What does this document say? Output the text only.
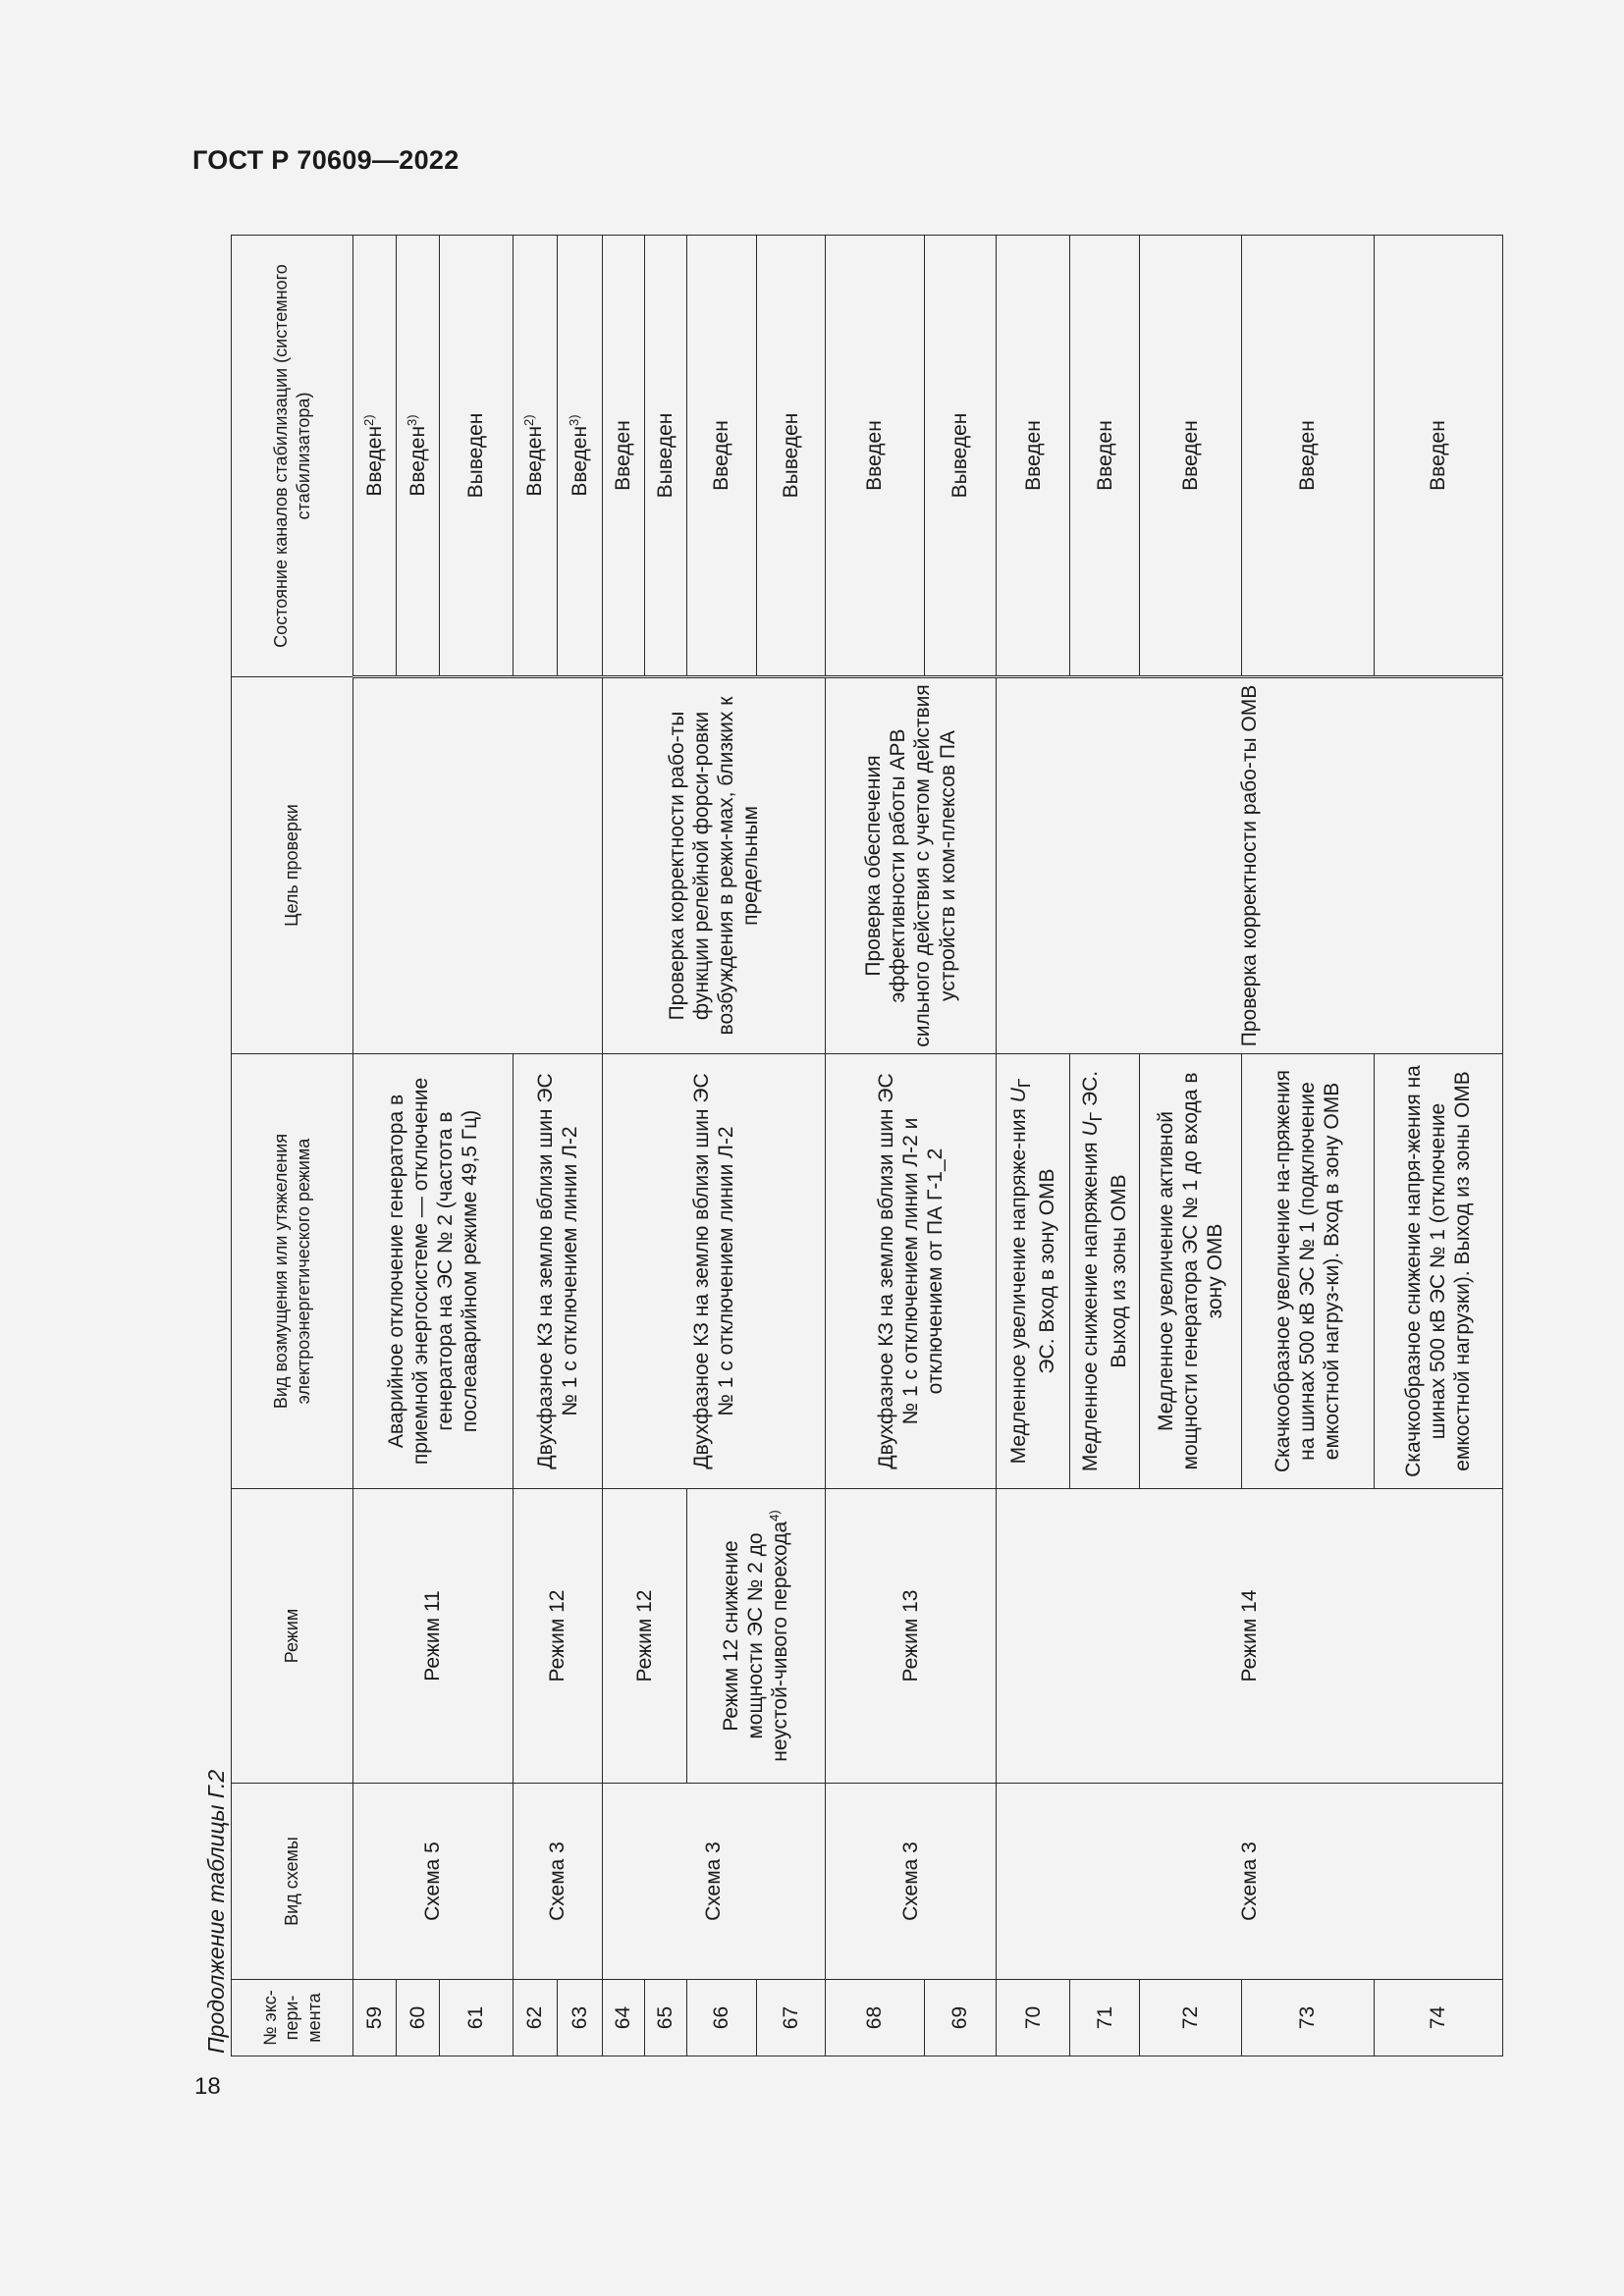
ГОСТ Р 70609—2022
Продолжение таблицы Г.2
18
№ экс-пери-мента	Вид схемы	Режим	Вид возмущения или утяжеления электроэнергетического режима	Цель проверки	Состояние каналов стабилизации (системного стабилизатора)
59	Схема 5	Режим 11	Аварийное отключение генератора в приемной энергосистеме — отключение генератора на ЭС № 2 (частота в послеаварийном режиме 49,5 Гц)		Введен$^{2)}$
60					Введен$^{3)}$
61					Выведен
62	Схема 3	Режим 12	Двухфазное КЗ на землю вблизи шин ЭС № 1 с отключением линии Л-2		Введен$^{2)}$
63					Введен$^{3)}$
64	Схема 3	Режим 12	Двухфазное КЗ на землю вблизи шин ЭС № 1 с отключением линии Л-2	Проверка корректности рабо-ты функции релейной форси-ровки возбуждения в режи-мах, близких к предельным	Введен
65					Выведен
66		Режим 12 снижение мощности ЭС № 2 до неустой-чивого перехода$^{4)}$			Введен
67					Выведен
68	Схема 3	Режим 13	Двухфазное КЗ на землю вблизи шин ЭС № 1 с отключением линии Л-2 и отключением от ПА Г-1_2	Проверка обеспечения эффективности работы АРВ сильного действия с учетом действия устройств и ком-плексов ПА	Введен
69					Выведен
70	Схема 3	Режим 14	Медленное увеличение напряже-ния $U_Г$ ЭС. Вход в зону ОМВ	Проверка корректности рабо-ты ОМВ	Введен
71			Медленное снижение напряжения $U_Г$ ЭС. Выход из зоны ОМВ		Введен
72			Медленное увеличение активной мощности генератора ЭС № 1 до входа в зону ОМВ		Введен
73			Скачкообразное увеличение на-пряжения на шинах 500 кВ ЭС № 1 (подключение емкостной нагруз-ки). Вход в зону ОМВ		Введен
74			Скачкообразное снижение напря-жения на шинах 500 кВ ЭС № 1 (отключение емкостной нагрузки). Выход из зоны ОМВ		Введен
